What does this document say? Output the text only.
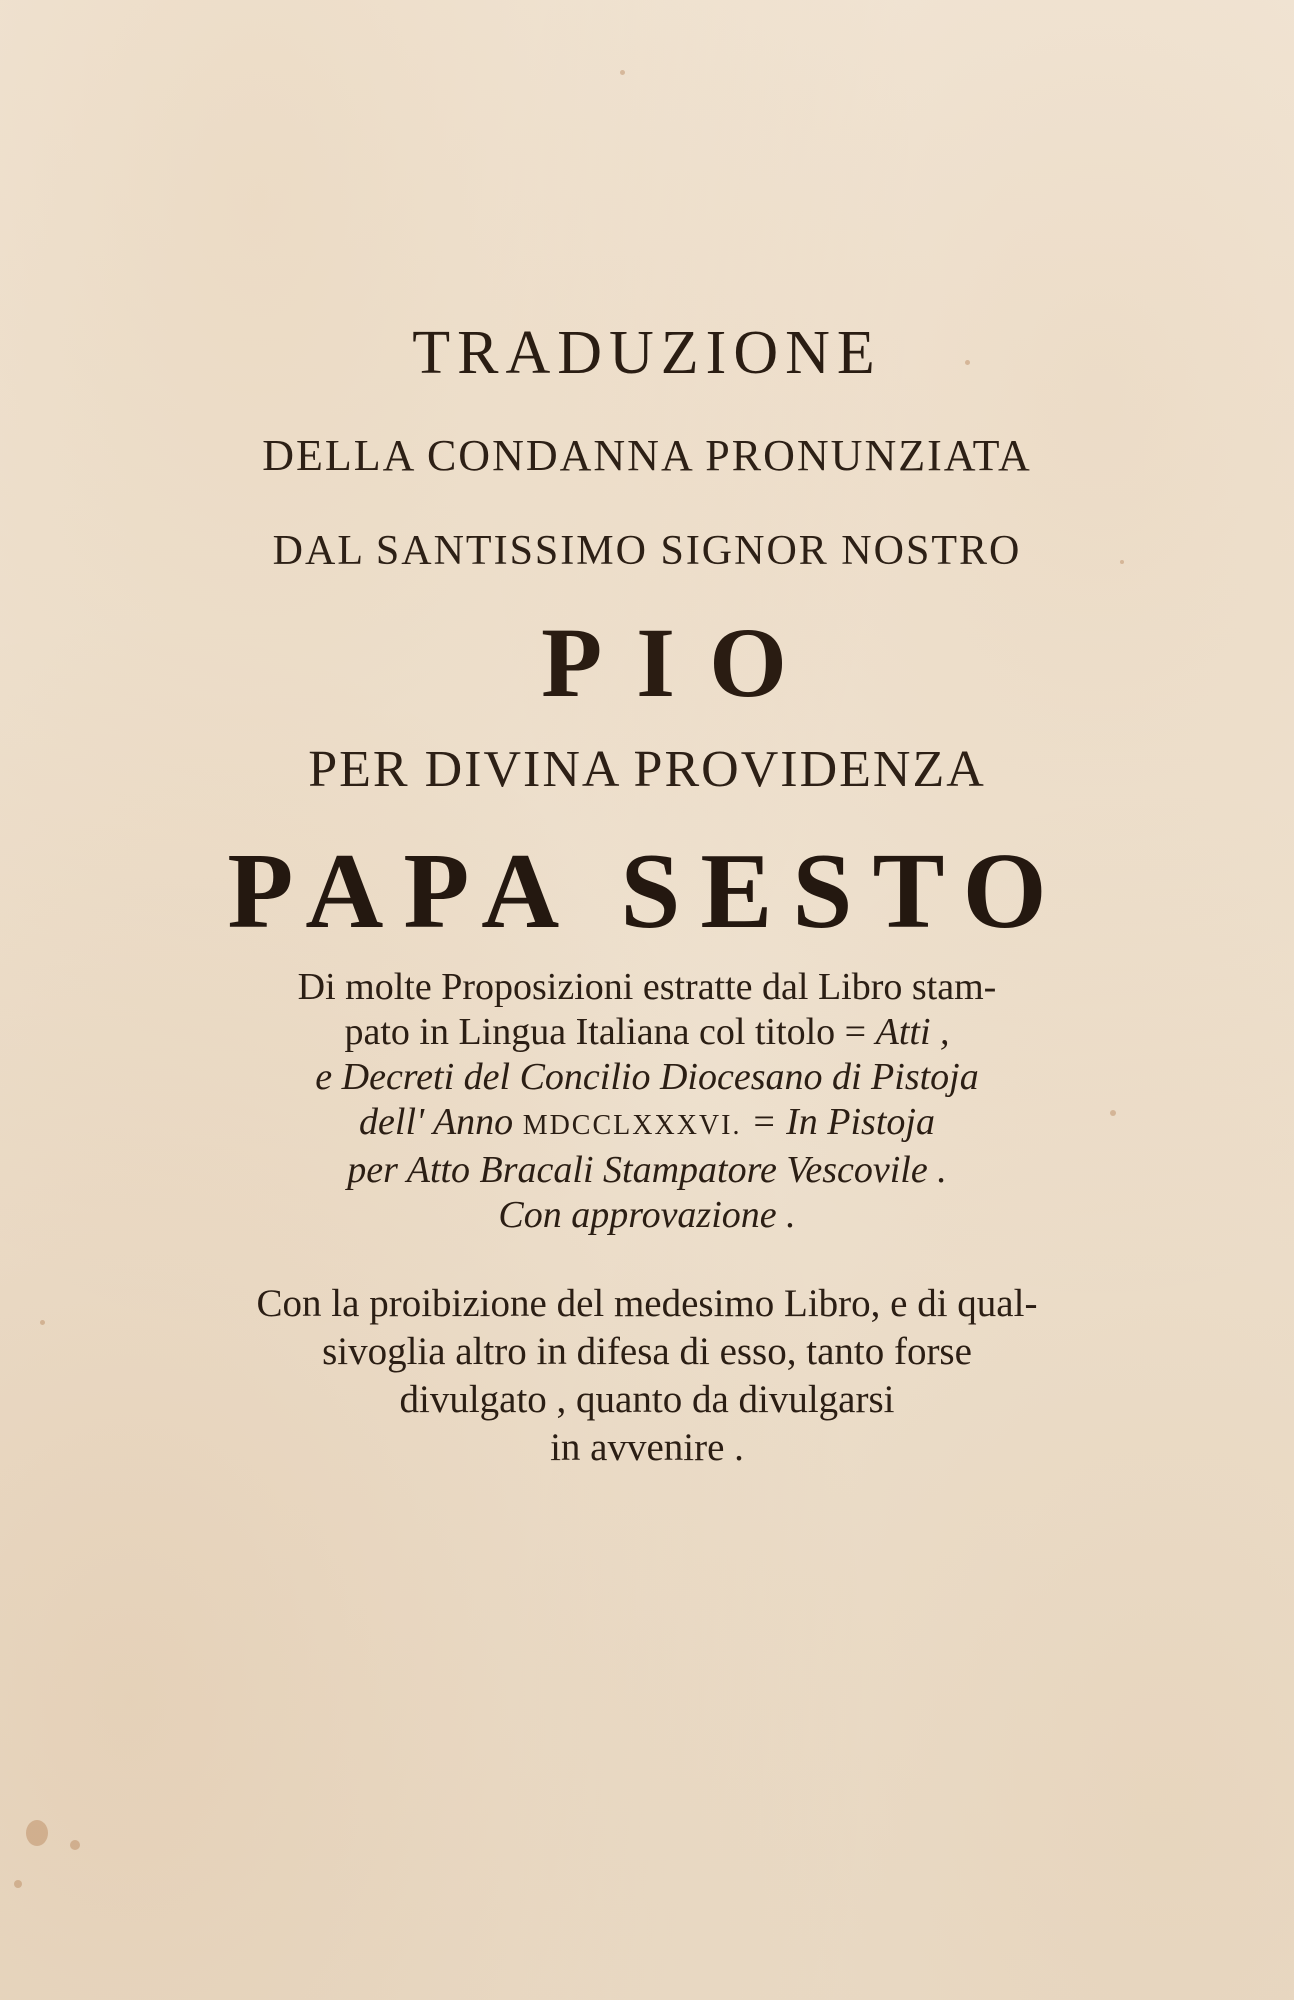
TRADUZIONE
DELLA CONDANNA PRONUNZIATA
DAL SANTISSIMO SIGNOR NOSTRO
PIO
PER DIVINA PROVIDENZA
PAPA SESTO
Di molte Proposizioni estratte dal Libro stam-
pato in Lingua Italiana col titolo = Atti ,
e Decreti del Concilio Diocesano di Pistoja
dell' Anno MDCCLXXXVI. = In Pistoja
per Atto Bracali Stampatore Vescovile .
Con approvazione .
Con la proibizione del medesimo Libro, e di qual-
sivoglia altro in difesa di esso, tanto forse
divulgato , quanto da divulgarsi
in avvenire .
